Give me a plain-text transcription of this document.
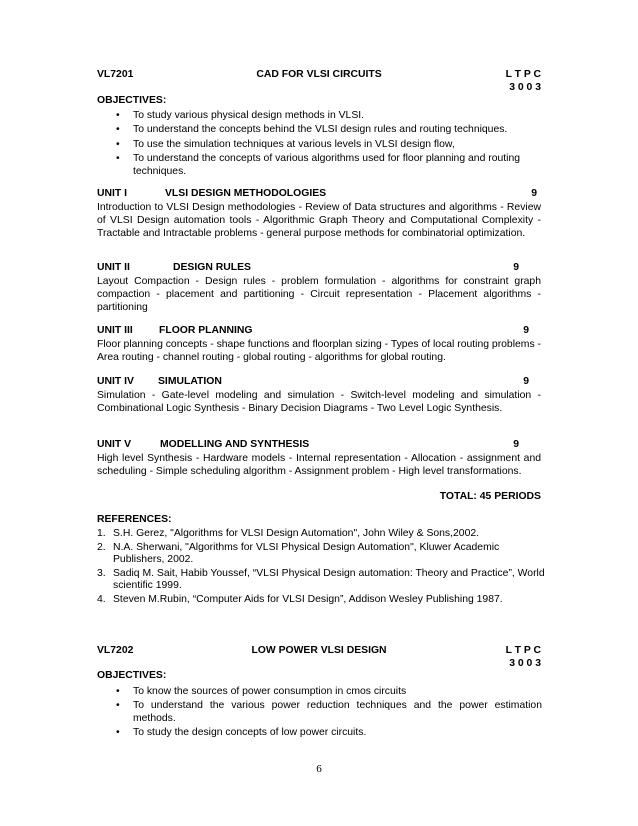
VL7201	CAD FOR VLSI CIRCUITS	L T P C
3 0 0 3
OBJECTIVES:
• To study various physical design methods in VLSI.
• To understand the concepts behind the VLSI design rules and routing techniques.
• To use the simulation techniques at various levels in VLSI design flow,
• To understand the concepts of various algorithms used for floor planning and routing techniques.
UNIT I	VLSI DESIGN METHODOLOGIES	9
Introduction to VLSI Design methodologies - Review of Data structures and algorithms - Review of VLSI Design automation tools - Algorithmic Graph Theory and Computational Complexity - Tractable and Intractable problems - general purpose methods for combinatorial optimization.
UNIT II	DESIGN RULES	9
Layout Compaction - Design rules - problem formulation - algorithms for constraint graph compaction - placement and partitioning - Circuit representation - Placement algorithms - partitioning
UNIT III	FLOOR PLANNING	9
Floor planning concepts - shape functions and floorplan sizing - Types of local routing problems - Area routing - channel routing - global routing - algorithms for global routing.
UNIT IV SIMULATION	9
Simulation - Gate-level modeling and simulation - Switch-level modeling and simulation - Combinational Logic Synthesis - Binary Decision Diagrams - Two Level Logic Synthesis.
UNIT V	MODELLING AND SYNTHESIS	9
High level Synthesis - Hardware models - Internal representation - Allocation - assignment and scheduling - Simple scheduling algorithm - Assignment problem - High level transformations.
TOTAL: 45 PERIODS
REFERENCES:
1. S.H. Gerez, "Algorithms for VLSI Design Automation", John Wiley & Sons,2002.
2. N.A. Sherwani, "Algorithms for VLSI Physical Design Automation", Kluwer Academic Publishers, 2002.
3. Sadiq M. Sait, Habib Youssef, “VLSI Physical Design automation: Theory and Practice”, World scientific 1999.
4. Steven M.Rubin, “Computer Aids for VLSI Design”, Addison Wesley Publishing 1987.
VL7202	LOW POWER VLSI DESIGN	L T P C
3 0 0 3
OBJECTIVES:
• To know the sources of power consumption in cmos circuits
• To understand the various power reduction techniques and the power estimation methods.
• To study the design concepts of low power circuits.
6
